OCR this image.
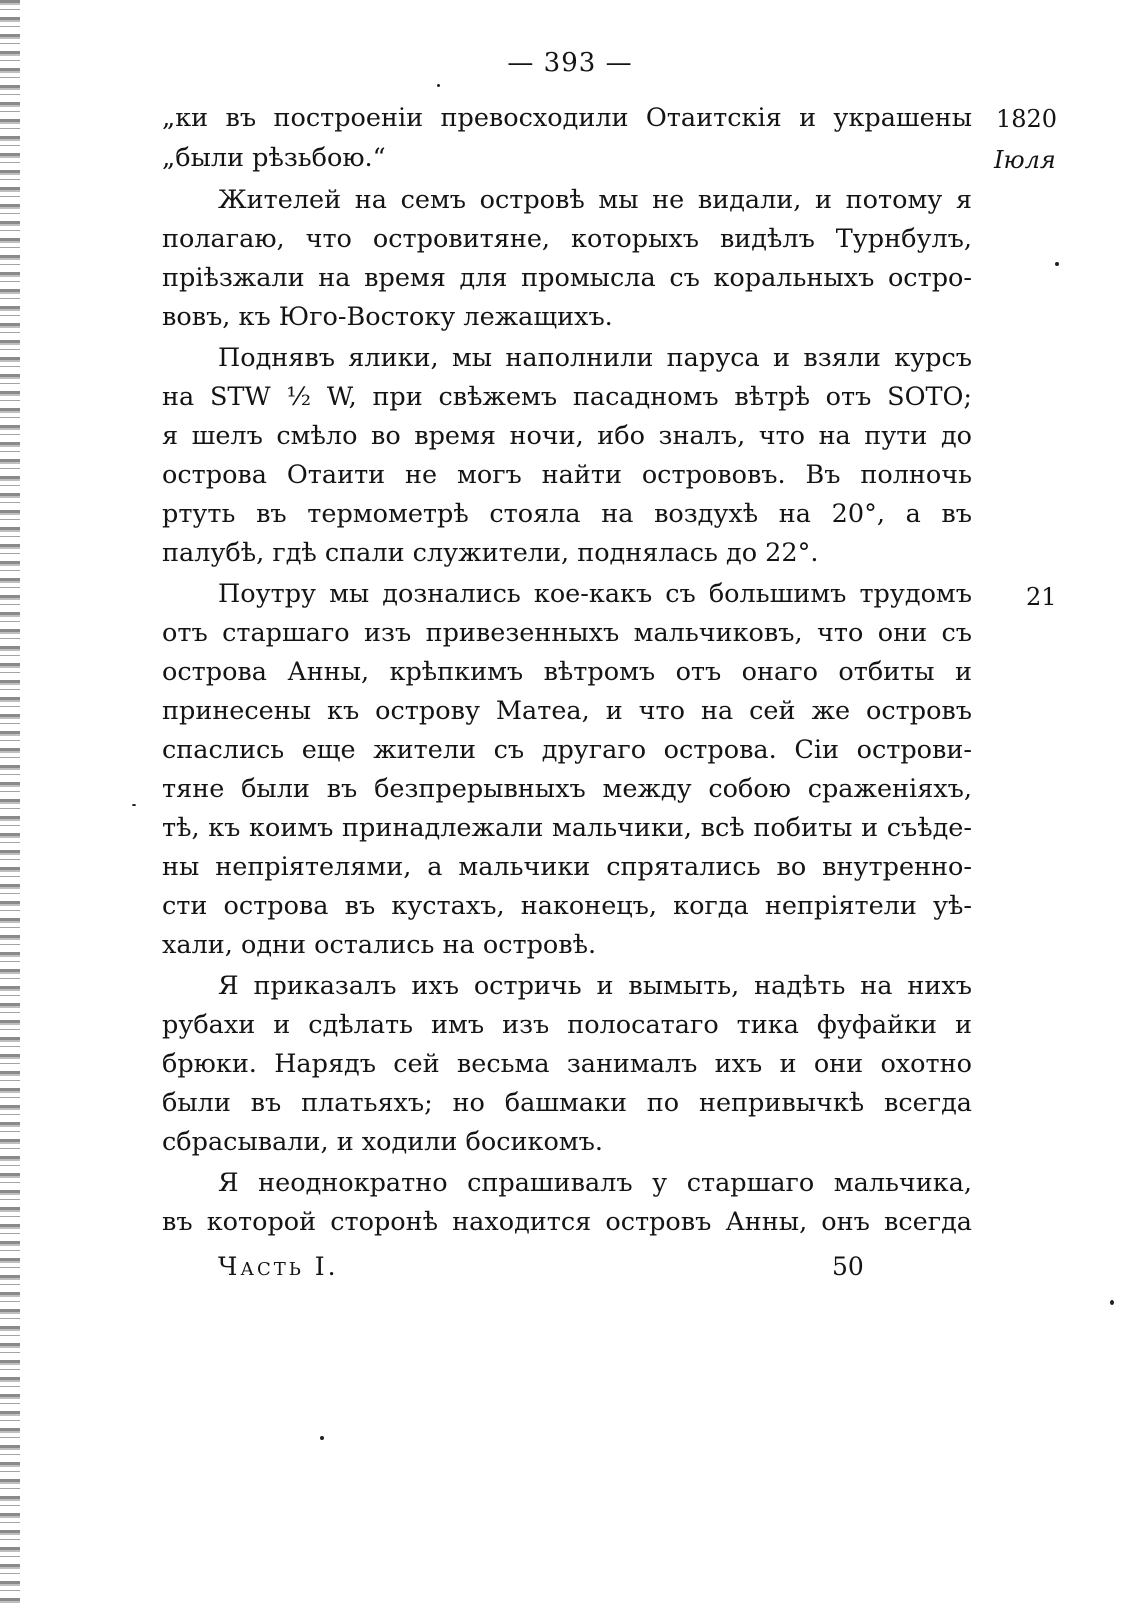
— 393 —
1820
Iюля
21
„ки въ построеніи превосходили Отаитскія и украшены
„были рѣзьбою.“
Жителей на семъ островѣ мы не видали, и потому я
полагаю, что островитяне, которыхъ видѣлъ Турнбулъ,
пріѣзжали на время для промысла съ коральныхъ остро-
вовъ, къ Юго-Востоку лежащихъ.
Поднявъ ялики, мы наполнили паруса и взяли курсъ
на STW ½ W, при свѣжемъ пасадномъ вѣтрѣ отъ SOTO;
я шелъ смѣло во время ночи, ибо зналъ, что на пути до
острова Отаити не могъ найти островoвъ. Въ полночь
ртуть въ термометрѣ стояла на воздухѣ на 20°, а въ
палубѣ, гдѣ спали служители, поднялась до 22°.
Поутру мы дознались кое-какъ съ большимъ трудомъ
отъ старшаго изъ привезенныхъ мальчиковъ, что они съ
острова Анны, крѣпкимъ вѣтромъ отъ онаго отбиты и
принесены къ острову Матеа, и что на сей же островъ
спаслись еще жители съ другаго острова. Сіи острови-
тяне были въ безпрерывныхъ между собою сраженіяхъ,
тѣ, къ коимъ принадлежали мальчики, всѣ побиты и съѣде-
ны непріятелями, а мальчики спрятались во внутренно-
сти острова въ кустахъ, наконецъ, когда непріятели уѣ-
хали, одни остались на островѣ.
Я приказалъ ихъ остричь и вымыть, надѣть на нихъ
рубахи и сдѣлать имъ изъ полосатаго тика фуфайки и
брюки. Нарядъ сей весьма занималъ ихъ и они охотно
были въ платьяхъ; но башмаки по непривычкѣ всегда
сбрасывали, и ходили босикомъ.
Я неоднократно спрашивалъ у старшаго мальчика,
въ которой сторонѣ находится островъ Анны, онъ всегда
Часть I.	50
